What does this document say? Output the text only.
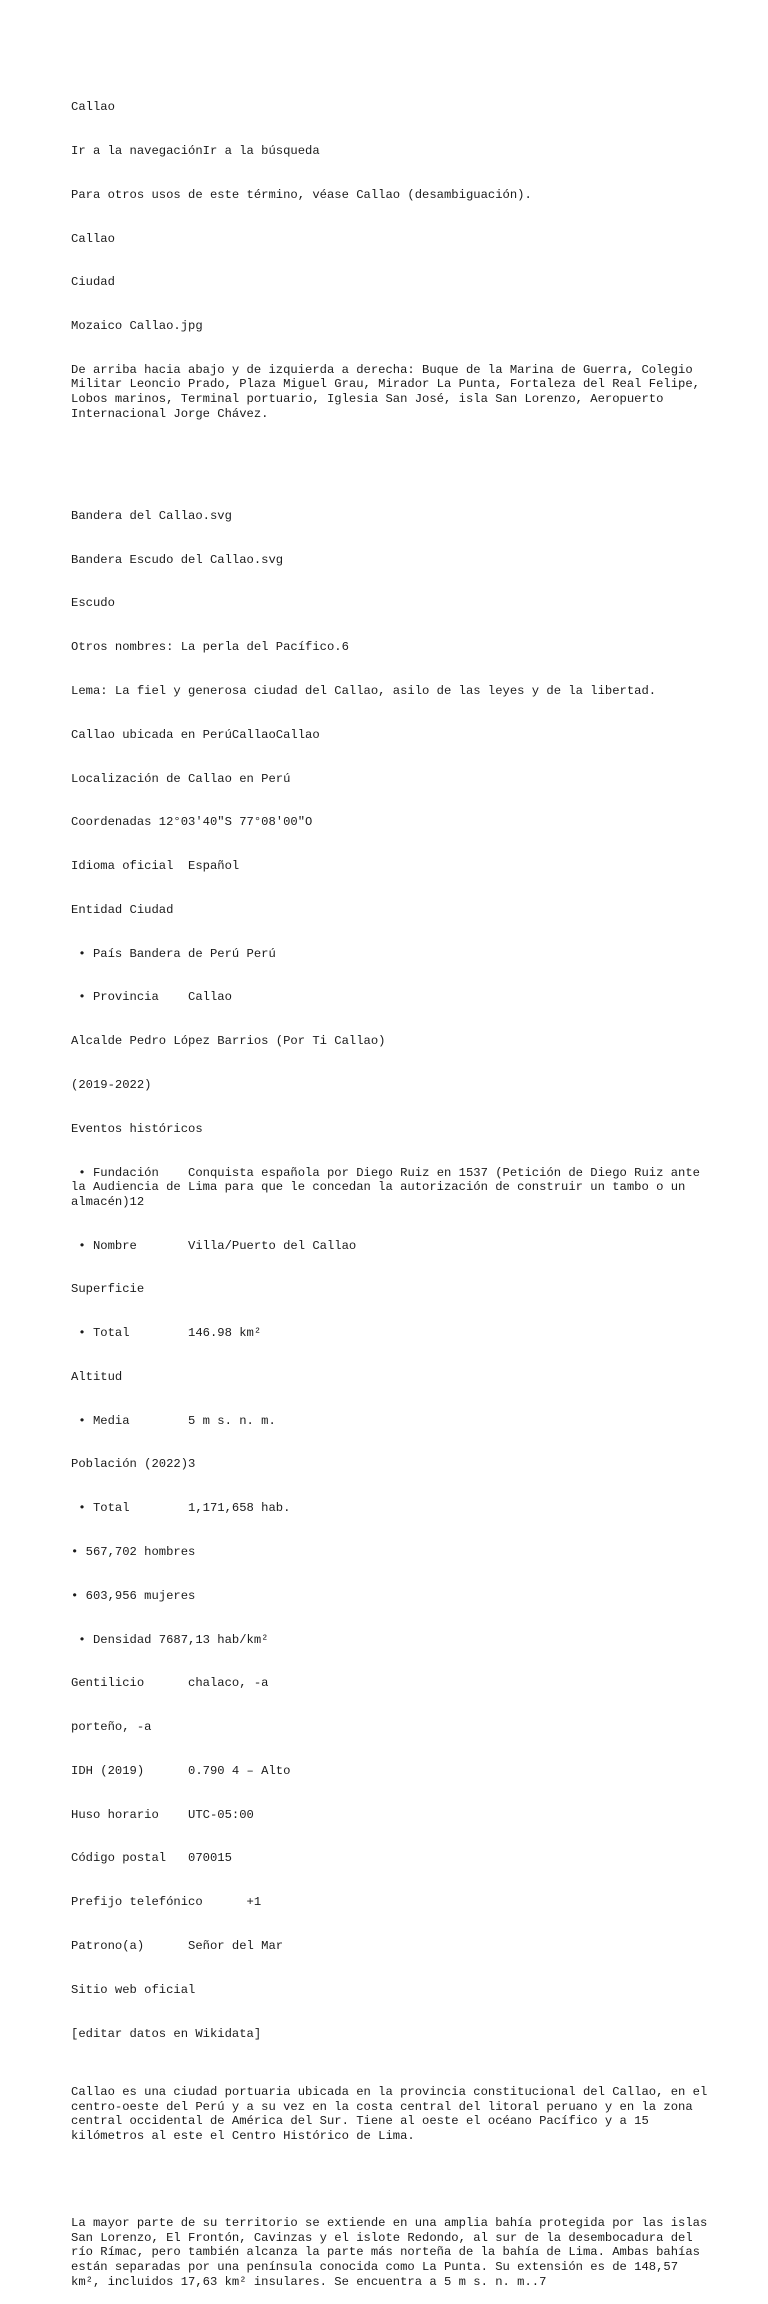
Callao

Ir a la navegaciónIr a la búsqueda

Para otros usos de este término, véase Callao (desambiguación).

Callao

Ciudad

Mozaico Callao.jpg

De arriba hacia abajo y de izquierda a derecha: Buque de la Marina de Guerra, Colegio Militar Leoncio Prado, Plaza Miguel Grau, Mirador La Punta, Fortaleza del Real Felipe, Lobos marinos, Terminal portuario, Iglesia San José, isla San Lorenzo, Aeropuerto Internacional Jorge Chávez.

Bandera del Callao.svg

Bandera	Escudo del Callao.svg

Escudo

Otros nombres: La perla del Pacífico.6

Lema: La fiel y generosa ciudad del Callao, asilo de las leyes y de la libertad.

Callao ubicada en PerúCallaoCallao

Localización de Callao en Perú

Coordenadas 12°03′40″S 77°08′00″O

Idioma oficial	Español

Entidad	Ciudad

• País	Bandera de Perú Perú

• Provincia	Callao

Alcalde	Pedro López Barrios (Por Ti Callao)

(2019-2022)

Eventos históricos

• Fundación	Conquista española por Diego Ruiz en 1537 (Petición de Diego Ruiz ante la Audiencia de Lima para que le concedan la autorización de construir un tambo o un almacén)12

• Nombre	Villa/Puerto del Callao

Superficie

• Total	146.98 km²

Altitud

• Media	5 m s. n. m.

Población (2022)3

• Total	1,171,658 hab.

• 567,702 hombres

• 603,956 mujeres

• Densidad 7687,13 hab/km²

Gentilicio	chalaco, -a

porteño, -a

IDH (2019)	0.790 4 – Alto

Huso horario	UTC-05:00

Código postal	070015

Prefijo telefónico	+1

Patrono(a)	Señor del Mar

Sitio web oficial

[editar datos en Wikidata]

Callao es una ciudad portuaria ubicada en la provincia constitucional del Callao, en el centro-oeste del Perú y a su vez en la costa central del litoral peruano y en la zona central occidental de América del Sur. Tiene al oeste el océano Pacífico y a 15 kilómetros al este el Centro Histórico de Lima.

La mayor parte de su territorio se extiende en una amplia bahía protegida por las islas San Lorenzo, El Frontón, Cavinzas y el islote Redondo, al sur de la desembocadura del río Rímac, pero también alcanza la parte más norteña de la bahía de Lima. Ambas bahías están separadas por una península conocida como La Punta. Su extensión es de 148,57 km², incluidos 17,63 km² insulares. Se encuentra a 5 m s. n. m..7
